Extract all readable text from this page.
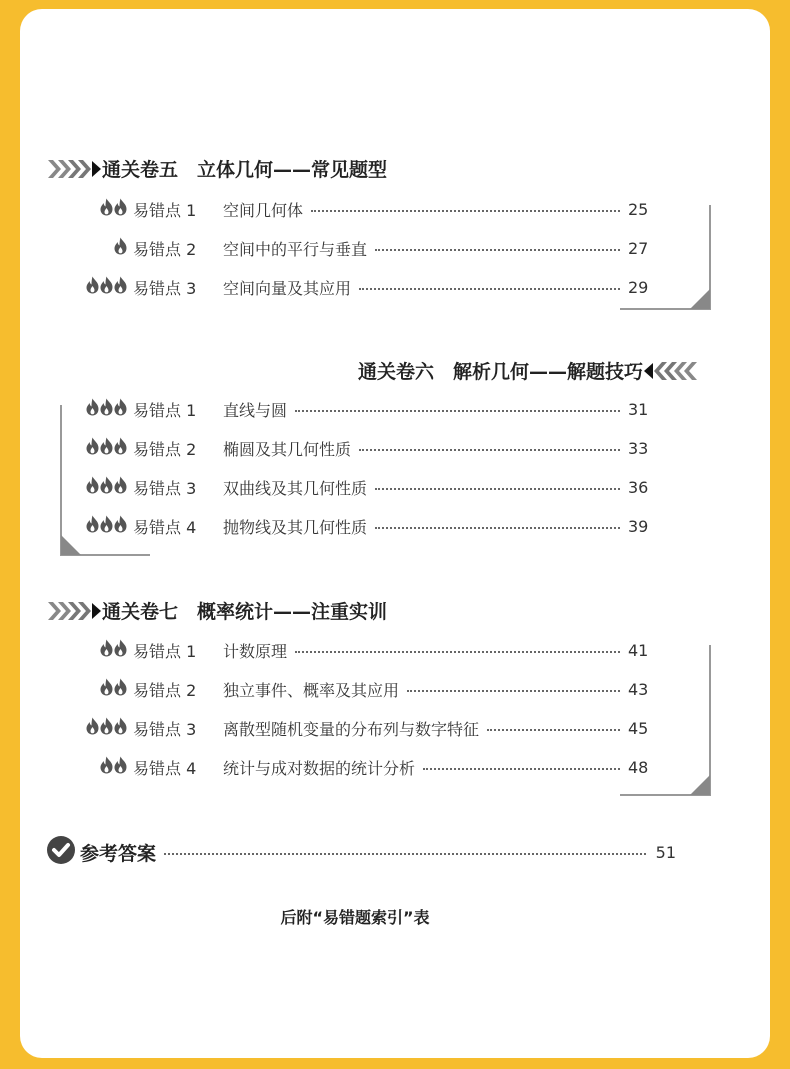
通关卷五　立体几何——常见题型
易错点 1	空间几何体	25
易错点 2	空间中的平行与垂直	27
易错点 3	空间向量及其应用	29
通关卷六　解析几何——解题技巧
易错点 1	直线与圆	31
易错点 2	椭圆及其几何性质	33
易错点 3	双曲线及其几何性质	36
易错点 4	抛物线及其几何性质	39
通关卷七　概率统计——注重实训
易错点 1	计数原理	41
易错点 2	独立事件、概率及其应用	43
易错点 3	离散型随机变量的分布列与数字特征	45
易错点 4	统计与成对数据的统计分析	48
参考答案	51
后附“易错题索引”表
